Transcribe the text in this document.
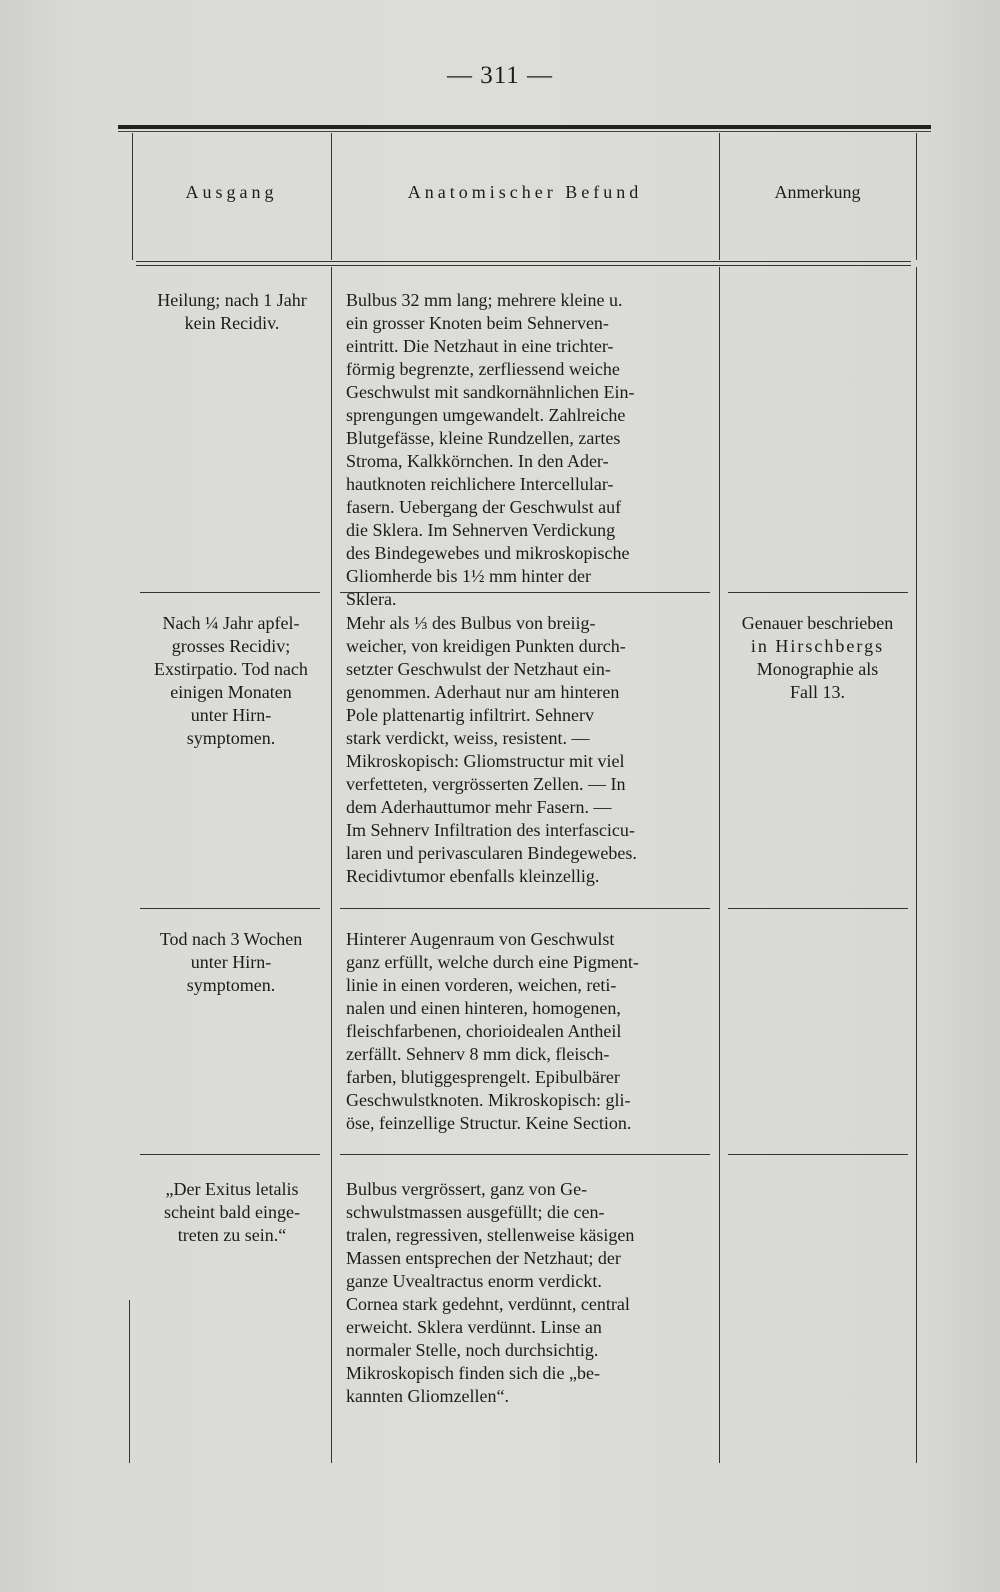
— 311 —
Ausgang	Anatomischer Befund	Anmerkung
Heilung; nach 1 Jahr
kein Recidiv.
Bulbus 32 mm lang; mehrere kleine u.
ein grosser Knoten beim Sehnerven-
eintritt. Die Netzhaut in eine trichter-
förmig begrenzte, zerfliessend weiche
Geschwulst mit sandkornähnlichen Ein-
sprengungen umgewandelt. Zahlreiche
Blutgefässe, kleine Rundzellen, zartes
Stroma, Kalkkörnchen. In den Ader-
hautknoten reichlichere Intercellular-
fasern. Uebergang der Geschwulst auf
die Sklera. Im Sehnerven Verdickung
des Bindegewebes und mikroskopische
Gliomherde bis 1½ mm hinter der
Sklera.
Nach ¼ Jahr apfel-
grosses Recidiv;
Exstirpatio. Tod nach
einigen Monaten
unter Hirn-
symptomen.
Mehr als ⅓ des Bulbus von breiig-
weicher, von kreidigen Punkten durch-
setzter Geschwulst der Netzhaut ein-
genommen. Aderhaut nur am hinteren
Pole plattenartig infiltrirt. Sehnerv
stark verdickt, weiss, resistent. —
Mikroskopisch: Gliomstructur mit viel
verfetteten, vergrösserten Zellen. — In
dem Aderhauttumor mehr Fasern. —
Im Sehnerv Infiltration des interfascicu-
laren und perivascularen Bindegewebes.
Recidivtumor ebenfalls kleinzellig.
Genauer beschrieben
in Hirschbergs
Monographie als
Fall 13.
Tod nach 3 Wochen
unter Hirn-
symptomen.
Hinterer Augenraum von Geschwulst
ganz erfüllt, welche durch eine Pigment-
linie in einen vorderen, weichen, reti-
nalen und einen hinteren, homogenen,
fleischfarbenen, chorioidealen Antheil
zerfällt. Sehnerv 8 mm dick, fleisch-
farben, blutiggesprengelt. Epibulbärer
Geschwulstknoten. Mikroskopisch: gli-
öse, feinzellige Structur. Keine Section.
„Der Exitus letalis
scheint bald einge-
treten zu sein.“
Bulbus vergrössert, ganz von Ge-
schwulstmassen ausgefüllt; die cen-
tralen, regressiven, stellenweise käsigen
Massen entsprechen der Netzhaut; der
ganze Uvealtractus enorm verdickt.
Cornea stark gedehnt, verdünnt, central
erweicht. Sklera verdünnt. Linse an
normaler Stelle, noch durchsichtig.
Mikroskopisch finden sich die „be-
kannten Gliomzellen“.
